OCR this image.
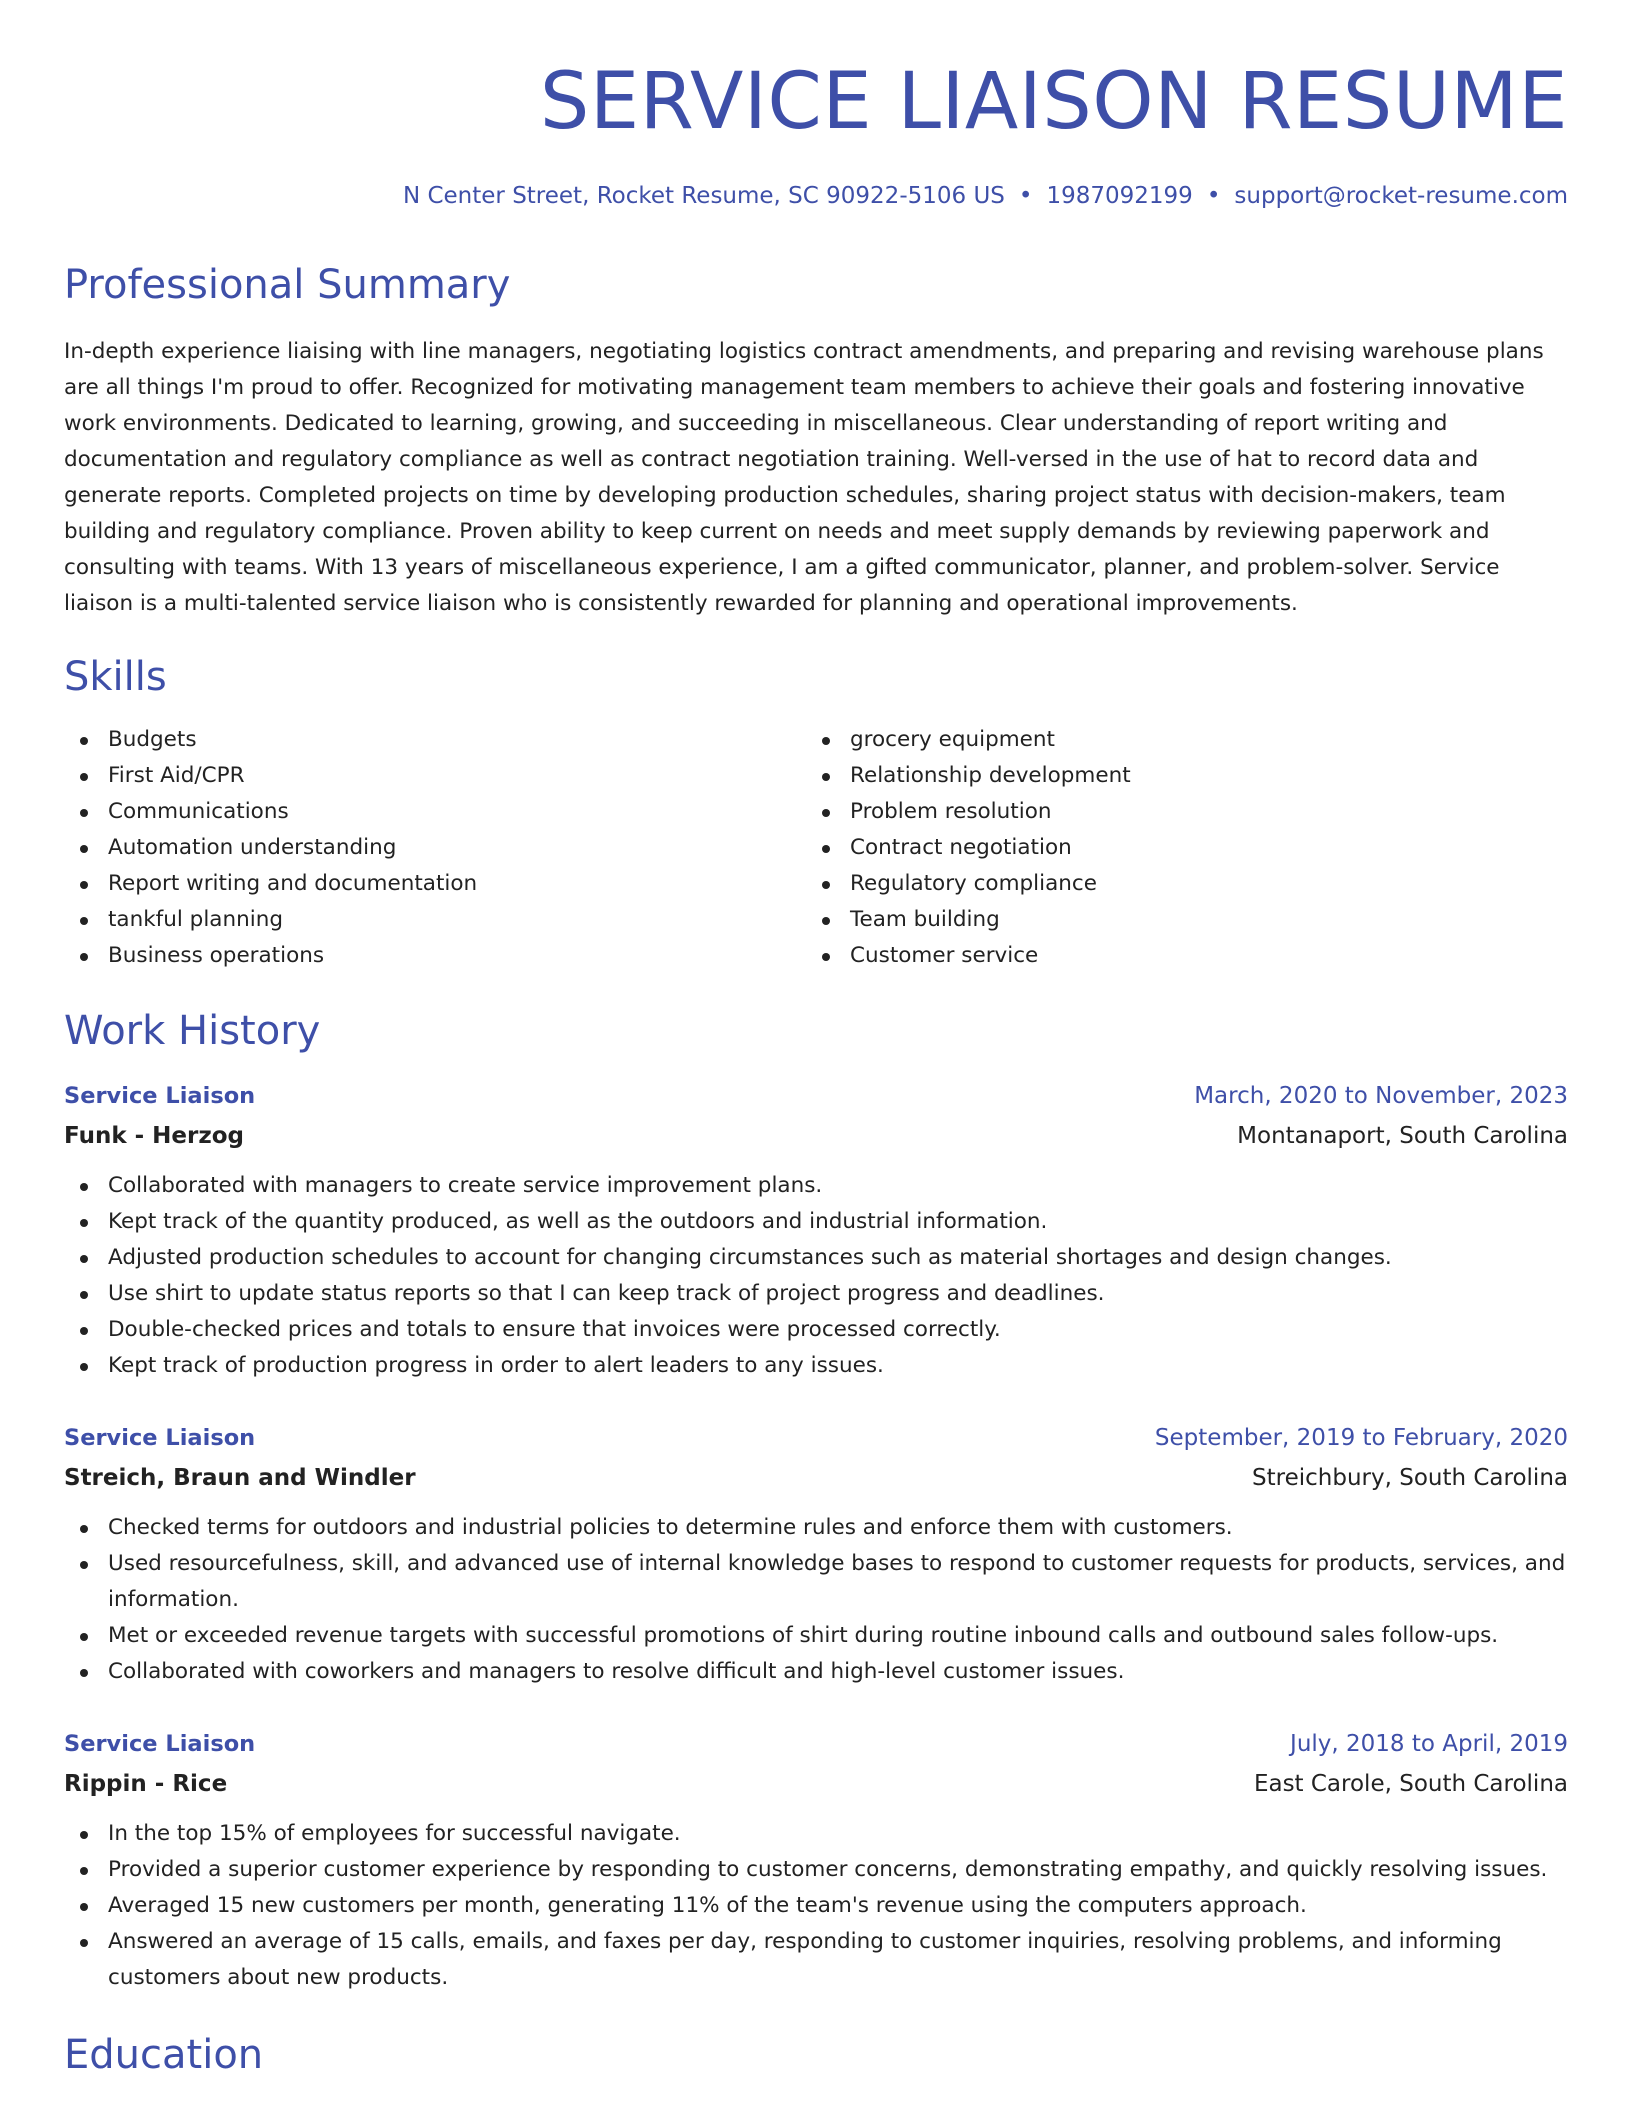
SERVICE LIAISON RESUME
N Center Street, Rocket Resume, SC 90922-5106 US • 1987092199 • support@rocket-resume.com
Professional Summary

In-depth experience liaising with line managers, negotiating logistics contract amendments, and preparing and revising warehouse plans are all things I'm proud to offer. Recognized for motivating management team members to achieve their goals and fostering innovative work environments. Dedicated to learning, growing, and succeeding in miscellaneous. Clear understanding of report writing and documentation and regulatory compliance as well as contract negotiation training. Well-versed in the use of hat to record data and generate reports. Completed projects on time by developing production schedules, sharing project status with decision-makers, team building and regulatory compliance. Proven ability to keep current on needs and meet supply demands by reviewing paperwork and consulting with teams. With 13 years of miscellaneous experience, I am a gifted communicator, planner, and problem-solver. Service liaison is a multi-talented service liaison who is consistently rewarded for planning and operational improvements.

Skills
Budgets
First Aid/CPR
Communications
Automation understanding
Report writing and documentation
tankful planning
Business operations
grocery equipment
Relationship development
Problem resolution
Contract negotiation
Regulatory compliance
Team building
Customer service
Work History
Service Liaison	March, 2020 to November, 2023
Funk - Herzog	Montanaport, South Carolina
Collaborated with managers to create service improvement plans.
Kept track of the quantity produced, as well as the outdoors and industrial information.
Adjusted production schedules to account for changing circumstances such as material shortages and design changes.
Use shirt to update status reports so that I can keep track of project progress and deadlines.
Double-checked prices and totals to ensure that invoices were processed correctly.
Kept track of production progress in order to alert leaders to any issues.
Service Liaison	September, 2019 to February, 2020
Streich, Braun and Windler	Streichbury, South Carolina
Checked terms for outdoors and industrial policies to determine rules and enforce them with customers.
Used resourcefulness, skill, and advanced use of internal knowledge bases to respond to customer requests for products, services, and information.
Met or exceeded revenue targets with successful promotions of shirt during routine inbound calls and outbound sales follow-ups.
Collaborated with coworkers and managers to resolve difficult and high-level customer issues.
Service Liaison	July, 2018 to April, 2019
Rippin - Rice	East Carole, South Carolina
In the top 15% of employees for successful navigate.
Provided a superior customer experience by responding to customer concerns, demonstrating empathy, and quickly resolving issues.
Averaged 15 new customers per month, generating 11% of the team's revenue using the computers approach.
Answered an average of 15 calls, emails, and faxes per day, responding to customer inquiries, resolving problems, and informing customers about new products.
Education
